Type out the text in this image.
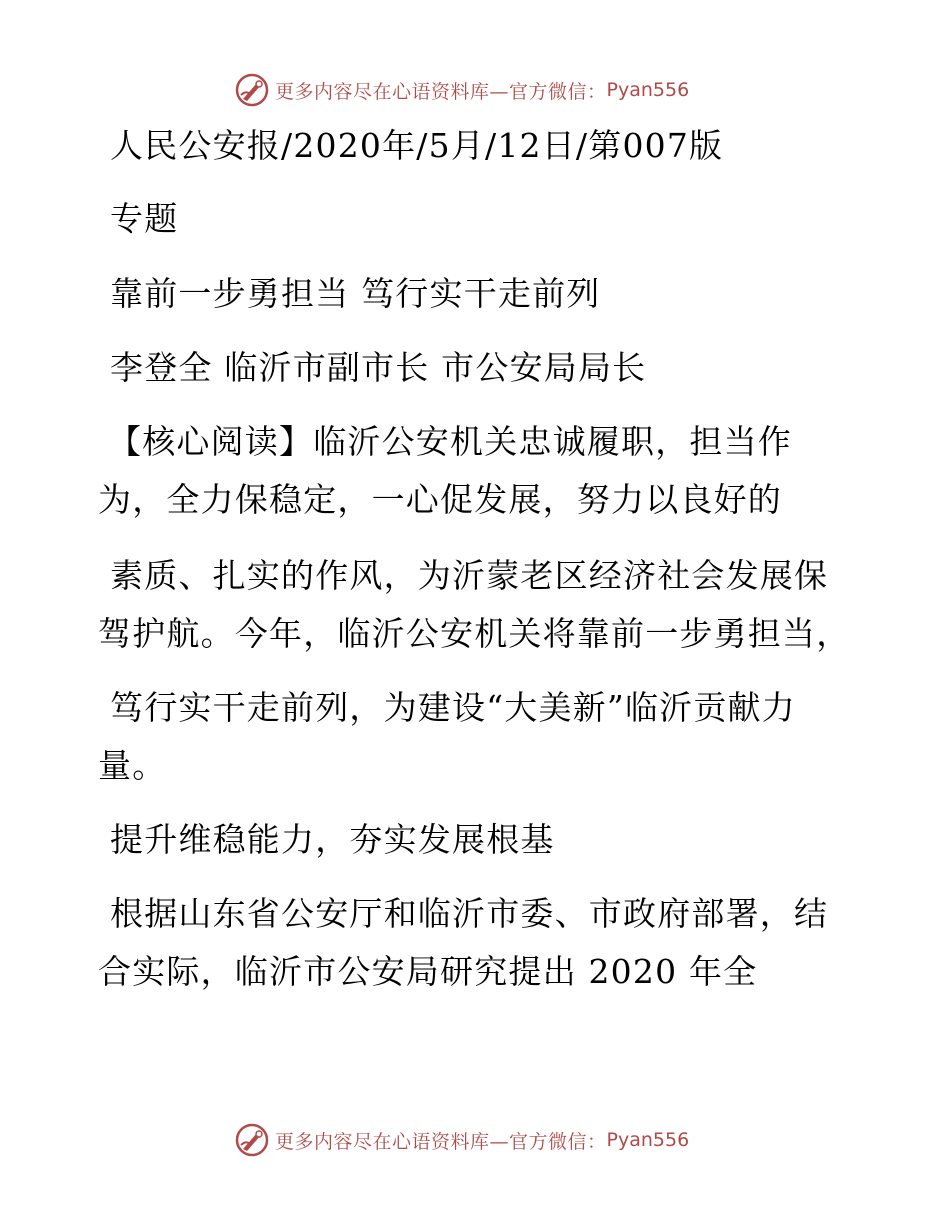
更多内容尽在心语资料库—官方微信： Pyan556
人民公安报/2020年/5月/12日/第007版
专题
靠前一步勇担当 笃行实干走前列
李登全 临沂市副市长 市公安局局长
【核心阅读】临沂公安机关忠诚履职，担当作
为，全力保稳定，一心促发展，努力以良好的
素质、扎实的作风，为沂蒙老区经济社会发展保
驾护航。今年，临沂公安机关将靠前一步勇担当，
笃行实干走前列，为建设“大美新”临沂贡献力
量。
提升维稳能力，夯实发展根基
根据山东省公安厅和临沂市委、市政府部署，结
合实际，临沂市公安局研究提出 2020 年全
更多内容尽在心语资料库—官方微信： Pyan556
